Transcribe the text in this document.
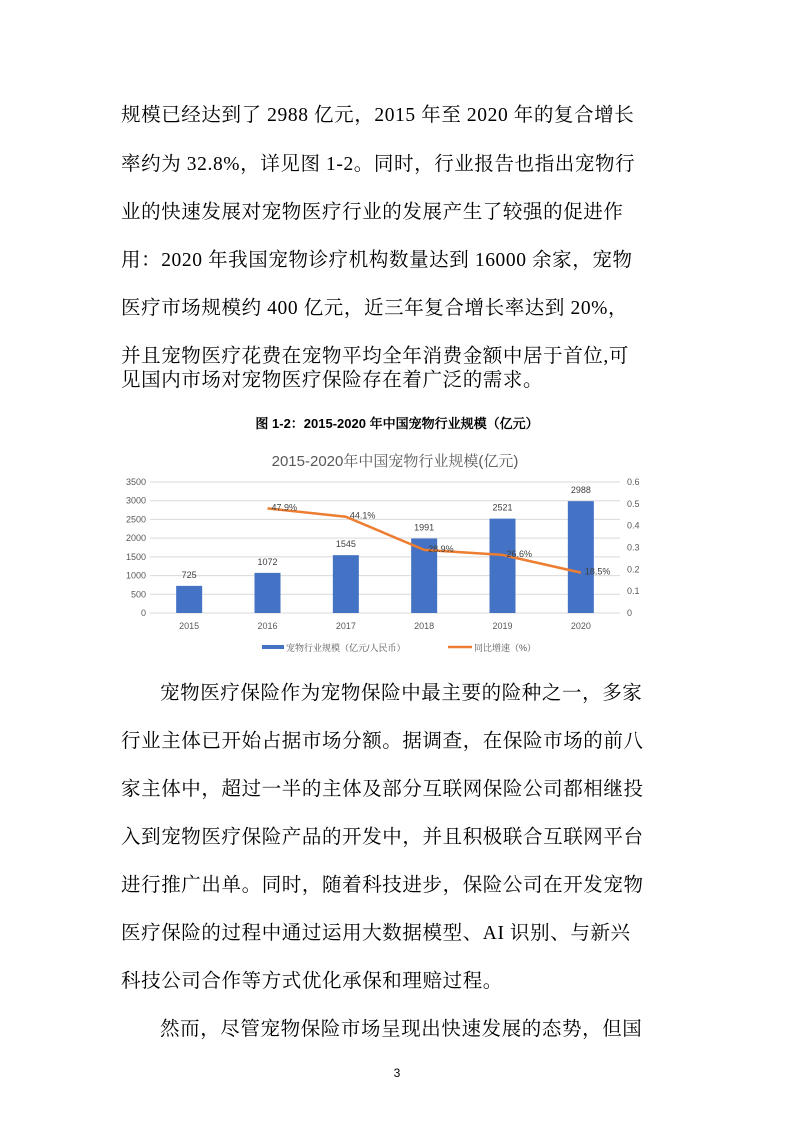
规模已经达到了 2988 亿元，2015 年至 2020 年的复合增长
率约为 32.8%，详见图 1-2。同时，行业报告也指出宠物行
业的快速发展对宠物医疗行业的发展产生了较强的促进作
用：2020 年我国宠物诊疗机构数量达到 16000 余家，宠物
医疗市场规模约 400 亿元，近三年复合增长率达到 20%，
并且宠物医疗花费在宠物平均全年消费金额中居于首位,可
见国内市场对宠物医疗保险存在着广泛的需求。
图 1-2：2015-2020 年中国宠物行业规模（亿元）
2015-2020年中国宠物行业规模(亿元)
0
500
1000
1500
2000
2500
3000
3500
0
0.1
0.2
0.3
0.4
0.5
0.6
2015	2016	2017	2018	2019	2020
725
1072
1545
1991
2521
2988
47.9%
44.1%
28.9%
26.6%
18.5%
宠物行业规模（亿元/人民币）	同比增速（%）
宠物医疗保险作为宠物保险中最主要的险种之一，多家
行业主体已开始占据市场分额。据调查，在保险市场的前八
家主体中，超过一半的主体及部分互联网保险公司都相继投
入到宠物医疗保险产品的开发中，并且积极联合互联网平台
进行推广出单。同时，随着科技进步，保险公司在开发宠物
医疗保险的过程中通过运用大数据模型、AI 识别、与新兴
科技公司合作等方式优化承保和理赔过程。
然而，尽管宠物保险市场呈现出快速发展的态势，但国
3
